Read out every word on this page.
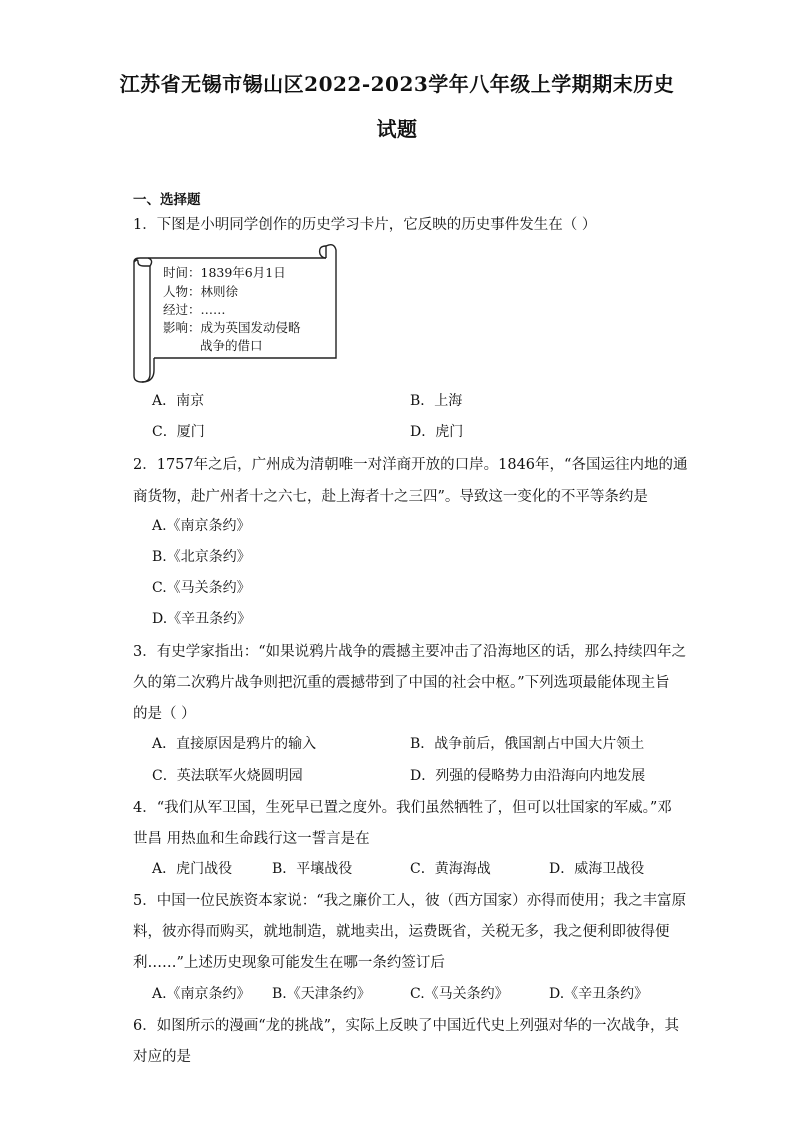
江苏省无锡市锡山区2022-2023学年八年级上学期期末历史
试题
一、选择题
1．下图是小明同学创作的历史学习卡片，它反映的历史事件发生在（ ）
时间：1839年6月1日
人物：林则徐
经过：……
影响：成为英国发动侵略
战争的借口
A．南京	B．上海
C．厦门	D．虎门
2．1757年之后，广州成为清朝唯一对洋商开放的口岸。1846年，“各国运往内地的通
商货物，赴广州者十之六七，赴上海者十之三四”。导致这一变化的不平等条约是
A.《南京条约》
B.《北京条约》
C.《马关条约》
D.《辛丑条约》
3．有史学家指出：“如果说鸦片战争的震撼主要冲击了沿海地区的话，那么持续四年之
久的第二次鸦片战争则把沉重的震撼带到了中国的社会中枢。”下列选项最能体现主旨
的是（ ）
A．直接原因是鸦片的输入	B．战争前后，俄国割占中国大片领土
C．英法联军火烧圆明园	D．列强的侵略势力由沿海向内地发展
4．“我们从军卫国，生死早已置之度外。我们虽然牺牲了，但可以壮国家的军威。”邓
世昌 用热血和生命践行这一誓言是在
A．虎门战役	B．平壤战役	C．黄海海战	D．威海卫战役
5．中国一位民族资本家说：“我之廉价工人，彼（西方国家）亦得而使用；我之丰富原
料，彼亦得而购买，就地制造，就地卖出，运费既省，关税无多，我之便利即彼得便
利……”上述历史现象可能发生在哪一条约签订后
A.《南京条约》 B.《天津条约》	C.《马关条约》	D.《辛丑条约》
6．如图所示的漫画“龙的挑战”，实际上反映了中国近代史上列强对华的一次战争，其
对应的是
